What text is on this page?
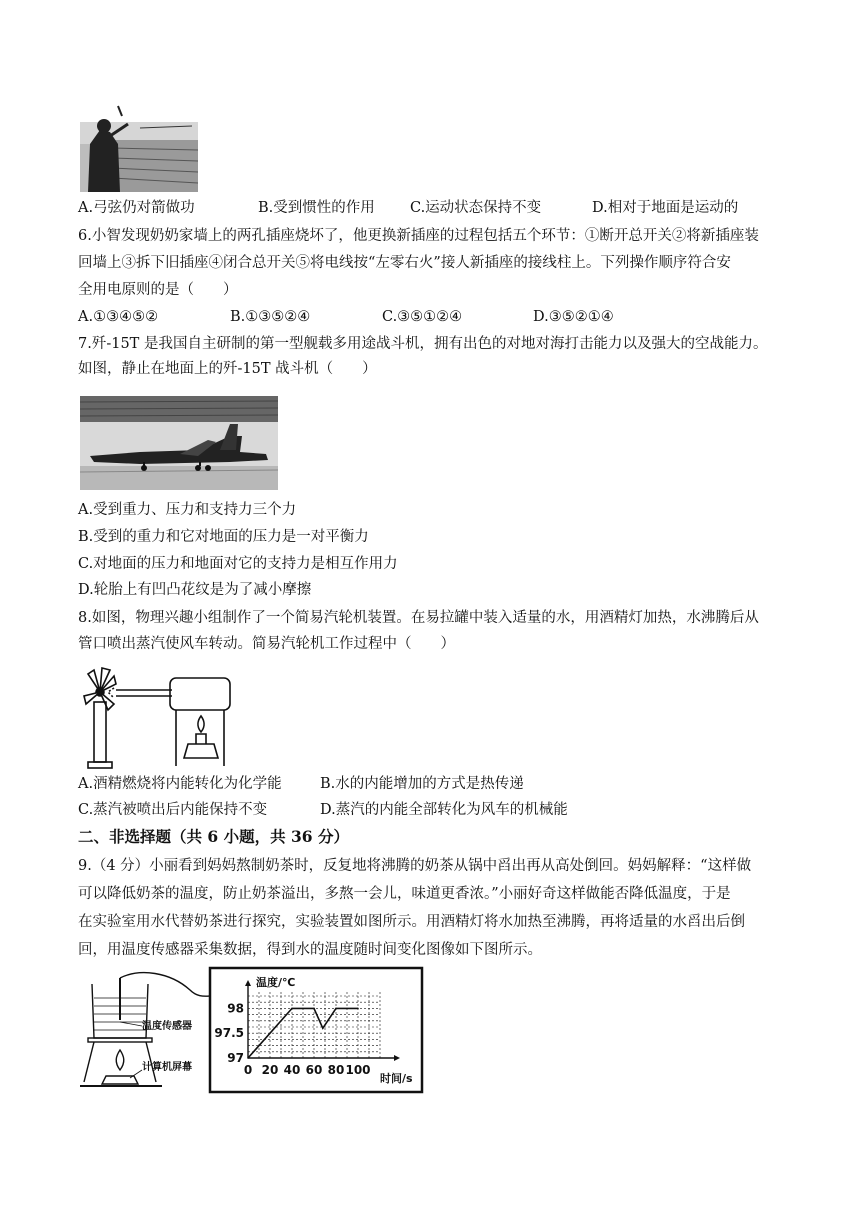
A.弓弦仍对箭做功	B.受到惯性的作用 C.运动状态保持不变	D.相对于地面是运动的
6.小智发现奶奶家墙上的两孔插座烧坏了，他更换新插座的过程包括五个环节：①断开总开关②将新插座装
回墙上③拆下旧插座④闭合总开关⑤将电线按“左零右火”接人新插座的接线柱上。下列操作顺序符合安
全用电原则的是（　　）
A.①③④⑤②	B.①③⑤②④	C.③⑤①②④	D.③⑤②①④
7.歼-15T 是我国自主研制的第一型舰载多用途战斗机，拥有出色的对地对海打击能力以及强大的空战能力。
如图，静止在地面上的歼-15T 战斗机（　　）
A.受到重力、压力和支持力三个力
B.受到的重力和它对地面的压力是一对平衡力
C.对地面的压力和地面对它的支持力是相互作用力
D.轮胎上有凹凸花纹是为了减小摩擦
8.如图，物理兴趣小组制作了一个简易汽轮机装置。在易拉罐中装入适量的水，用酒精灯加热，水沸腾后从
管口喷出蒸汽使风车转动。简易汽轮机工作过程中（　　）
A.酒精燃烧将内能转化为化学能	B.水的内能增加的方式是热传递
C.蒸汽被喷出后内能保持不变	D.蒸汽的内能全部转化为风车的机械能
二、非选择题（共 6 小题，共 36 分）
9.（4 分）小丽看到妈妈熬制奶茶时，反复地将沸腾的奶茶从锅中舀出再从高处倒回。妈妈解释：“这样做
可以降低奶茶的温度，防止奶茶溢出，多熬一会儿，味道更香浓。”小丽好奇这样做能否降低温度，于是
在实验室用水代替奶茶进行探究，实验装置如图所示。用酒精灯将水加热至沸腾，再将适量的水舀出后倒
回，用温度传感器采集数据，得到水的温度随时间变化图像如下图所示。
温度传感器
计算机屏幕
温度/℃
时间/s
0 20 40 60 80 100
97
97.5
98
